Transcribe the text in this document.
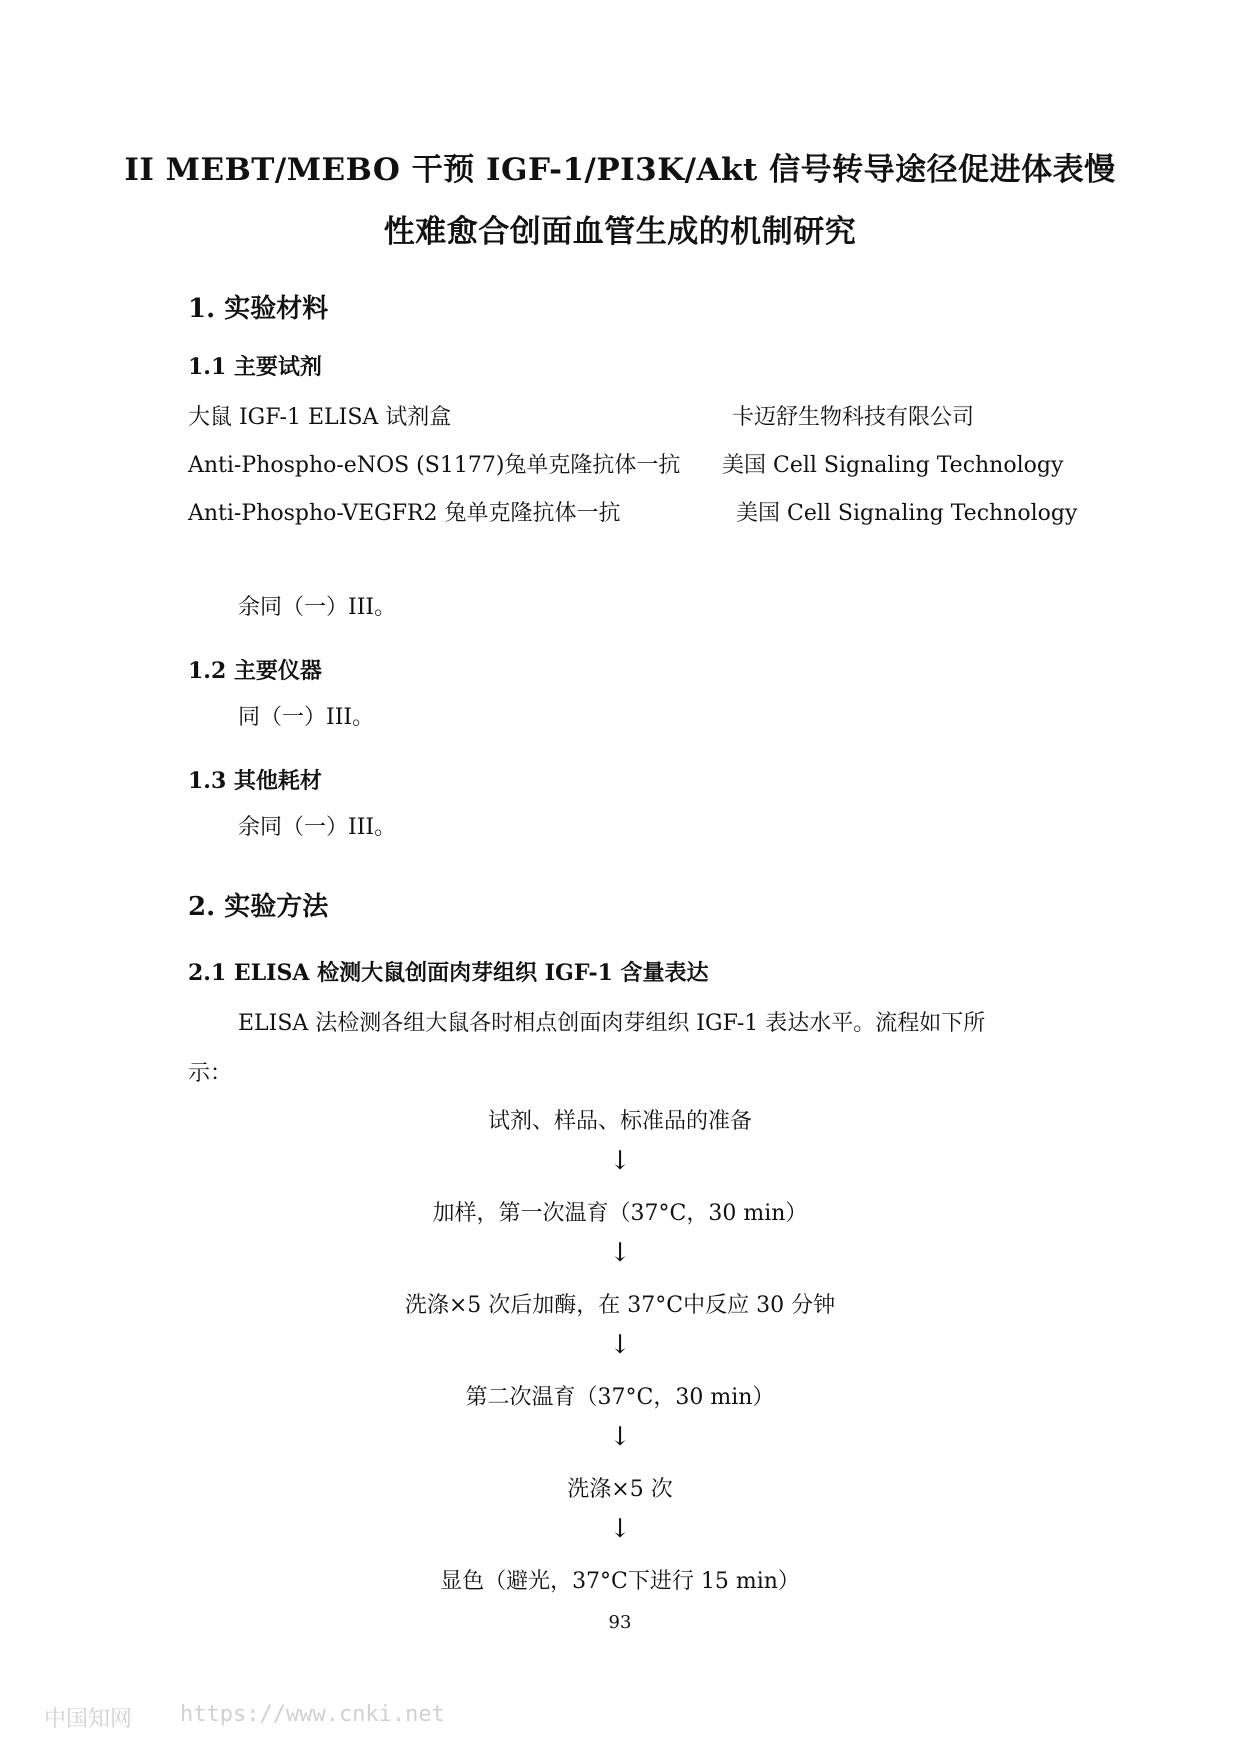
II MEBT/MEBO 干预 IGF-1/PI3K/Akt 信号转导途径促进体表慢
性难愈合创面血管生成的机制研究
1. 实验材料
1.1 主要试剂
大鼠 IGF-1 ELISA 试剂盒	卡迈舒生物科技有限公司
Anti-Phospho-eNOS (S1177)兔单克隆抗体一抗 美国 Cell Signaling Technology
Anti-Phospho-VEGFR2 兔单克隆抗体一抗	美国 Cell Signaling Technology
余同（一）III。
1.2 主要仪器
同（一）III。
1.3 其他耗材
余同（一）III。
2. 实验方法
2.1 ELISA 检测大鼠创面肉芽组织 IGF-1 含量表达
ELISA 法检测各组大鼠各时相点创面肉芽组织 IGF-1 表达水平。流程如下所
示：
试剂、样品、标准品的准备
↓
加样，第一次温育（37°C，30 min）
↓
洗涤×5 次后加酶，在 37°C中反应 30 分钟
↓
第二次温育（37°C，30 min）
↓
洗涤×5 次
↓
显色（避光，37°C下进行 15 min）
93
中国知网 https://www.cnki.net
